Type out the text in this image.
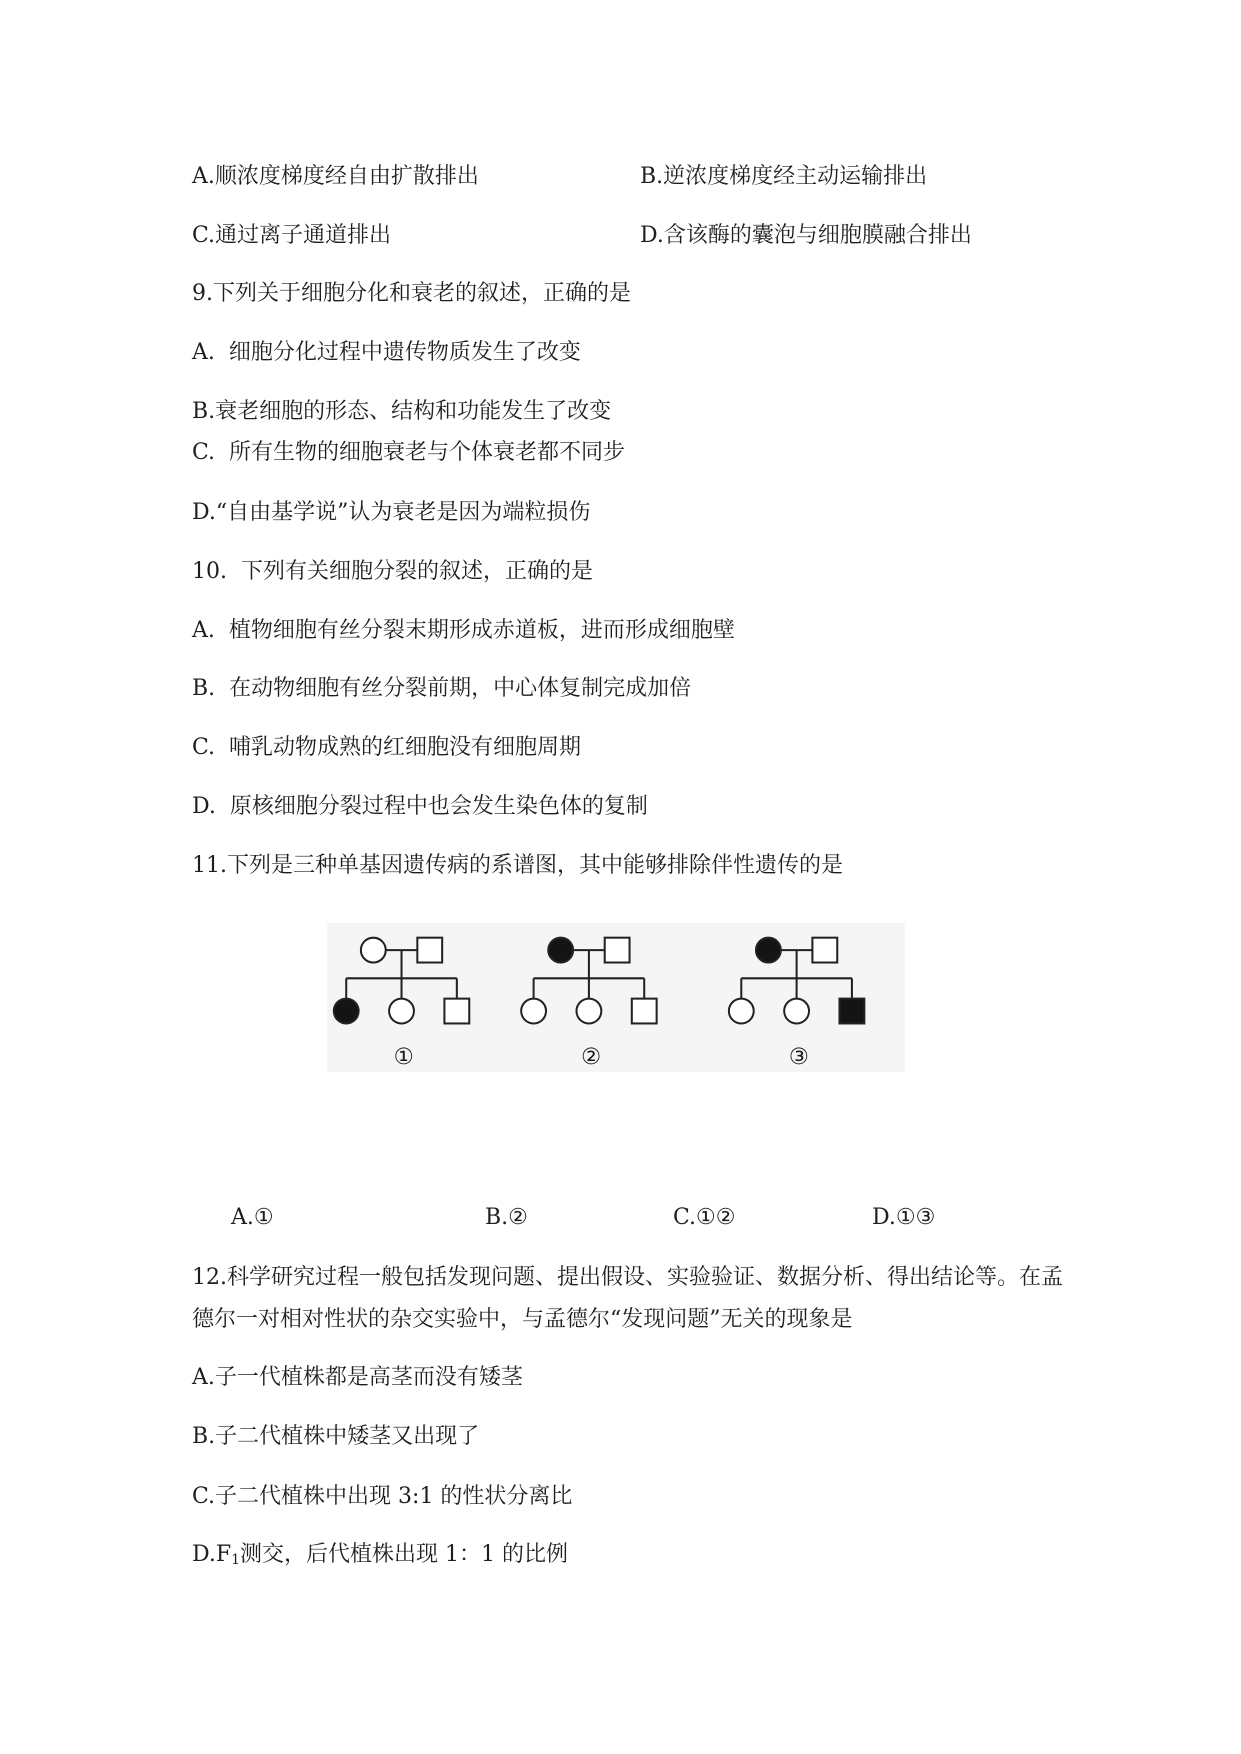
A.顺浓度梯度经自由扩散排出	B.逆浓度梯度经主动运输排出
C.通过离子通道排出	D.含该酶的囊泡与细胞膜融合排出
9.下列关于细胞分化和衰老的叙述，正确的是
A.  细胞分化过程中遗传物质发生了改变
B.衰老细胞的形态、结构和功能发生了改变
C.  所有生物的细胞衰老与个体衰老都不同步
D.“自由基学说”认为衰老是因为端粒损伤
10.  下列有关细胞分裂的叙述，正确的是
A.  植物细胞有丝分裂末期形成赤道板，进而形成细胞壁
B.  在动物细胞有丝分裂前期，中心体复制完成加倍
C.  哺乳动物成熟的红细胞没有细胞周期
D.  原核细胞分裂过程中也会发生染色体的复制
11.下列是三种单基因遗传病的系谱图，其中能够排除伴性遗传的是
①	②	③
A.①	B.②	C.①②	D.①③
12.科学研究过程一般包括发现问题、提出假设、实验验证、数据分析、得出结论等。在孟
德尔一对相对性状的杂交实验中，与孟德尔“发现问题”无关的现象是
A.子一代植株都是高茎而没有矮茎
B.子二代植株中矮茎又出现了
C.子二代植株中出现 3:1 的性状分离比
$D.F_1$测交，后代植株出现 1：1 的比例
